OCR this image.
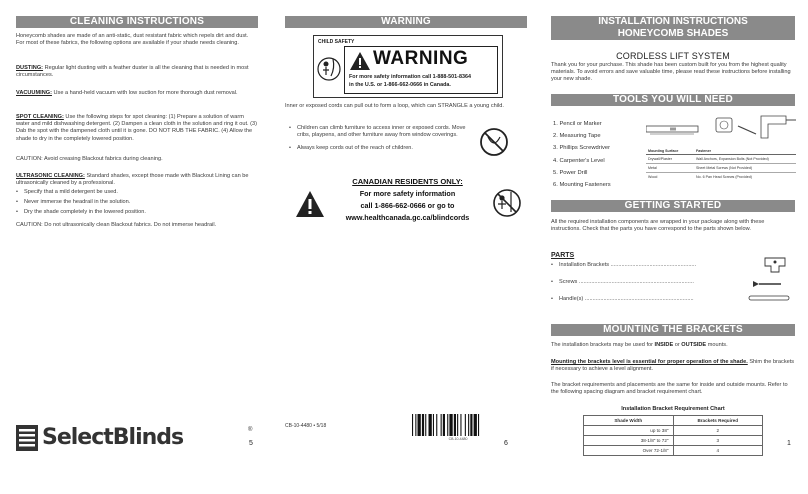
CLEANING INSTRUCTIONS
Honeycomb shades are made of an anti-static, dust resistant fabric which repels dirt and dust. For most of these fabrics, the following options are available if your shade needs cleaning.
DUSTING: Regular light dusting with a feather duster is all the cleaning that is needed in most circumstances.
VACUUMING: Use a hand-held vacuum with low suction for more thorough dust removal.
SPOT CLEANING: Use the following steps for spot cleaning: (1) Prepare a solution of warm water and mild dishwashing detergent. (2) Dampen a clean cloth in the solution and ring it out. (3) Dab the spot with the dampened cloth until it is gone. DO NOT RUB THE FABRIC. (4) Allow the shade to dry in the completely lowered position.
CAUTION: Avoid creasing Blackout fabrics during cleaning.
ULTRASONIC CLEANING: Standard shades, except those made with Blackout Lining can be ultrasonically cleaned by a professional.
• Specify that a mild detergent be used.
• Never immerse the headrail in the solution.
• Dry the shade completely in the lowered position.
CAUTION: Do not ultrasonically clean Blackout fabrics. Do not immerse headrail.
SelectBlinds	®
5
WARNING
CHILD SAFETY
WARNING
For more safety information call 1-888-501-8364
in the U.S. or 1-866-662-0666 in Canada.
Inner or exposed cords can pull out to form a loop, which can STRANGLE a young child.
• Children can climb furniture to access inner or exposed cords. Move cribs, playpens, and other furniture away from window coverings.
• Always keep cords out of the reach of children.
CANADIAN RESIDENTS ONLY:
For more safety information
call 1-866-662-0666 or go to
www.healthcanada.gc.ca/blindcords
CB-10-4480 • 5/18
CB-10-4480
6
INSTALLATION INSTRUCTIONS
HONEYCOMB SHADES
CORDLESS LIFT SYSTEM
Thank you for your purchase. This shade has been custom built for you from the highest quality materials. To avoid errors and save valuable time, please read these instructions before installing your new shade.
TOOLS YOU WILL NEED
1. Pencil or Marker
2. Measuring Tape
3. Phillips Screwdriver
4. Carpenter's Level
5. Power Drill
6. Mounting Fasteners
Mounting Surface	Fastener
Drywall/Plaster	Wall Anchors, Expansion Bolts (Not Provided)
Metal	Sheet Metal Screws (Not Provided)
Wood	No. 6 Pan Head Screws (Provided)
GETTING STARTED
All the required installation components are wrapped in your package along with these instructions. Check that the parts you have correspond to the parts shown below.
PARTS
• Installation Brackets .......................................................
• Screws ..........................................................................
• Handle(s) ......................................................................
MOUNTING THE BRACKETS
The installation brackets may be used for INSIDE or OUTSIDE mounts.
Mounting the brackets level is essential for proper operation of the shade. Shim the brackets if necessary to achieve a level alignment.
The bracket requirements and placements are the same for inside and outside mounts. Refer to the following spacing diagram and bracket requirement chart.
Installation Bracket Requirement Chart
Shade Width	Brackets Required
up to 38"	2
38-1/8" to 72"	3
Over 72-1/8"	4
1
